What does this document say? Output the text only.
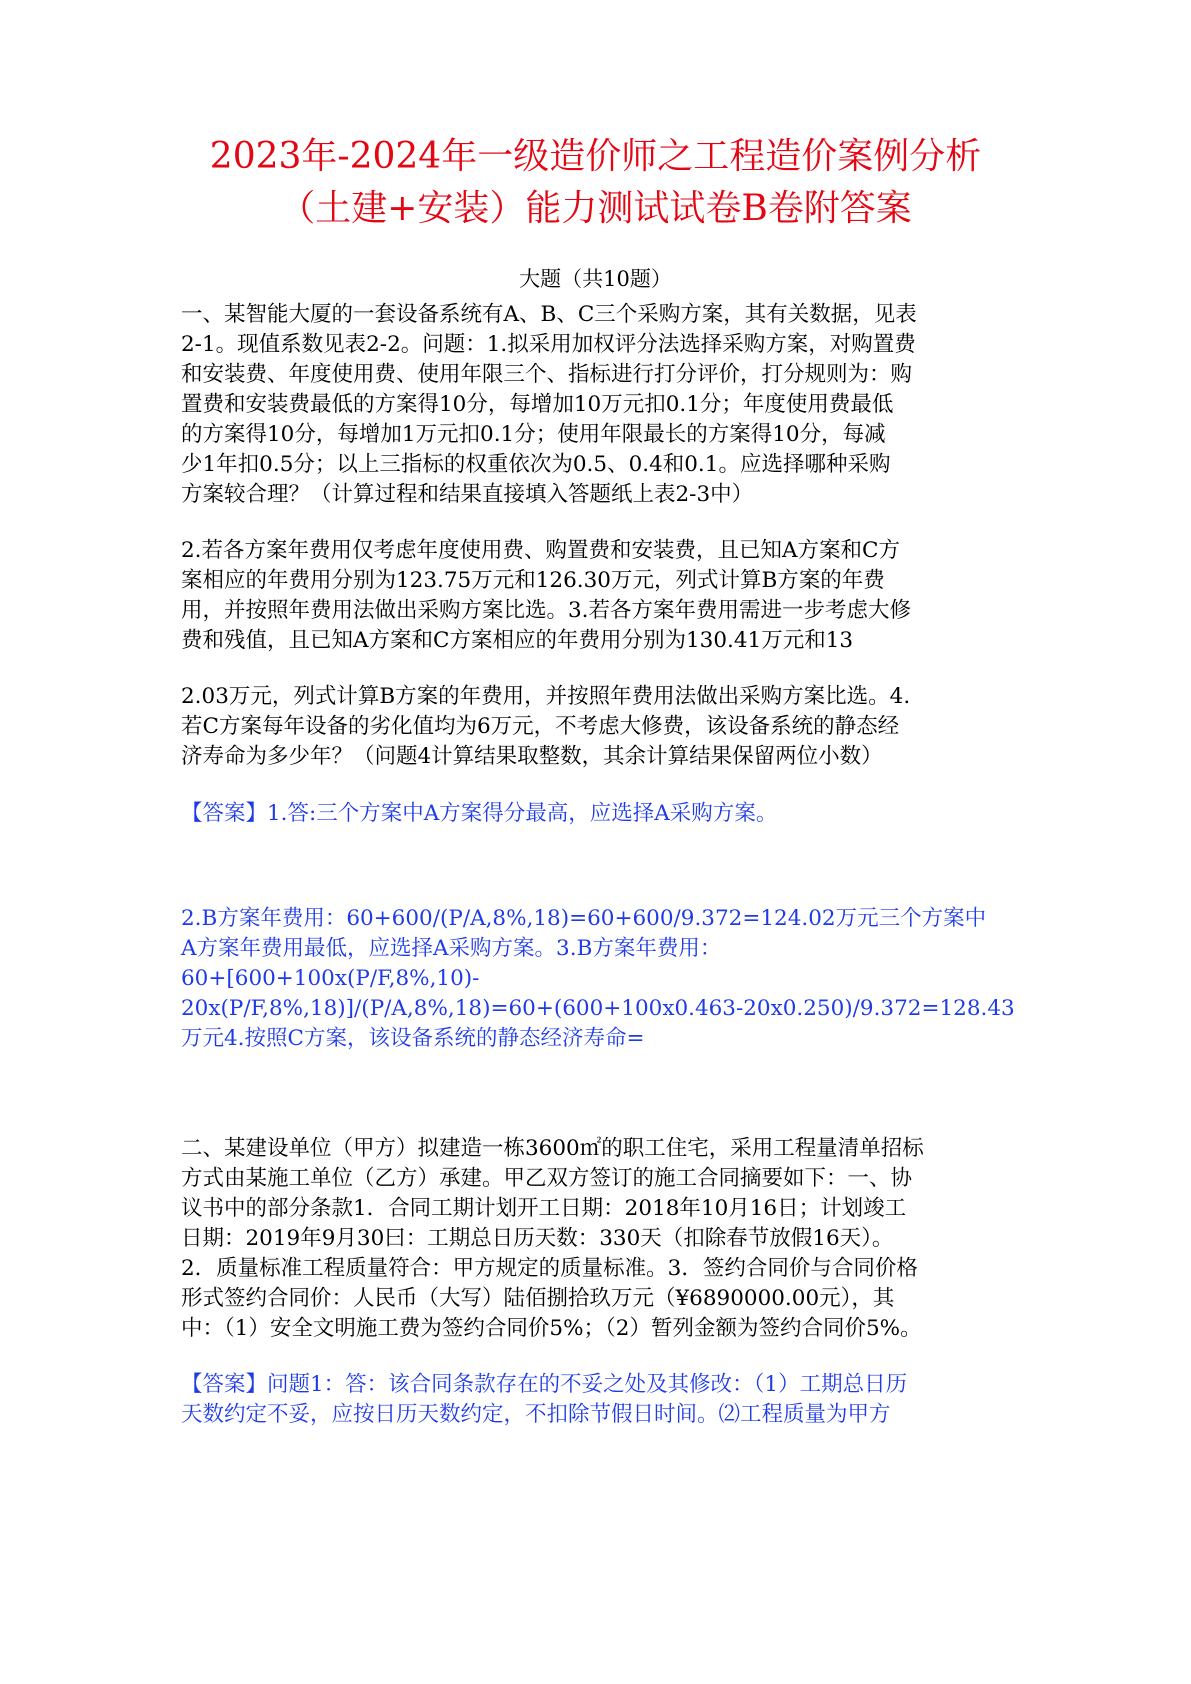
2023年-2024年一级造价师之工程造价案例分析
（土建+安装）能力测试试卷B卷附答案
大题（共10题）
一、某智能大厦的一套设备系统有A、B、C三个采购方案，其有关数据，见表
2-1。现值系数见表2-2。问题：1.拟采用加权评分法选择采购方案，对购置费
和安装费、年度使用费、使用年限三个、指标进行打分评价，打分规则为：购
置费和安装费最低的方案得10分，每增加10万元扣0.1分；年度使用费最低
的方案得10分，每增加1万元扣0.1分；使用年限最长的方案得10分，每减
少1年扣0.5分；以上三指标的权重依次为0.5、0.4和0.1。应选择哪种采购
方案较合理？（计算过程和结果直接填入答题纸上表2-3中）
2.若各方案年费用仅考虑年度使用费、购置费和安装费，且已知A方案和C方
案相应的年费用分别为123.75万元和126.30万元，列式计算B方案的年费
用，并按照年费用法做出采购方案比选。3.若各方案年费用需进一步考虑大修
费和残值，且已知A方案和C方案相应的年费用分别为130.41万元和13
2.03万元，列式计算B方案的年费用，并按照年费用法做出采购方案比选。4.
若C方案每年设备的劣化值均为6万元，不考虑大修费，该设备系统的静态经
济寿命为多少年？（问题4计算结果取整数，其余计算结果保留两位小数）
【答案】1.答:三个方案中A方案得分最高，应选择A采购方案。
2.B方案年费用：60+600/(P/A,8%,18)=60+600/9.372=124.02万元三个方案中
A方案年费用最低，应选择A采购方案。3.B方案年费用：
60+[600+100x(P/F,8%,10)-
20x(P/F,8%,18)]/(P/A,8%,18)=60+(600+100x0.463-20x0.250)/9.372=128.43
万元4.按照C方案，该设备系统的静态经济寿命=
二、某建设单位（甲方）拟建造一栋3600㎡的职工住宅，采用工程量清单招标
方式由某施工单位（乙方）承建。甲乙双方签订的施工合同摘要如下：一、协
议书中的部分条款1．合同工期计划开工日期：2018年10月16日；计划竣工
日期：2019年9月30曰：工期总日历天数：330天（扣除春节放假16天）。
2．质量标准工程质量符合：甲方规定的质量标准。3．签约合同价与合同价格
形式签约合同价：人民币（大写）陆佰捌拾玖万元（¥6890000.00元），其
中：（1）安全文明施工费为签约合同价5%；（2）暂列金额为签约合同价5%。
【答案】问题1：答：该合同条款存在的不妥之处及其修改：（1）工期总日历
天数约定不妥，应按日历天数约定，不扣除节假日时间。⑵工程质量为甲方
